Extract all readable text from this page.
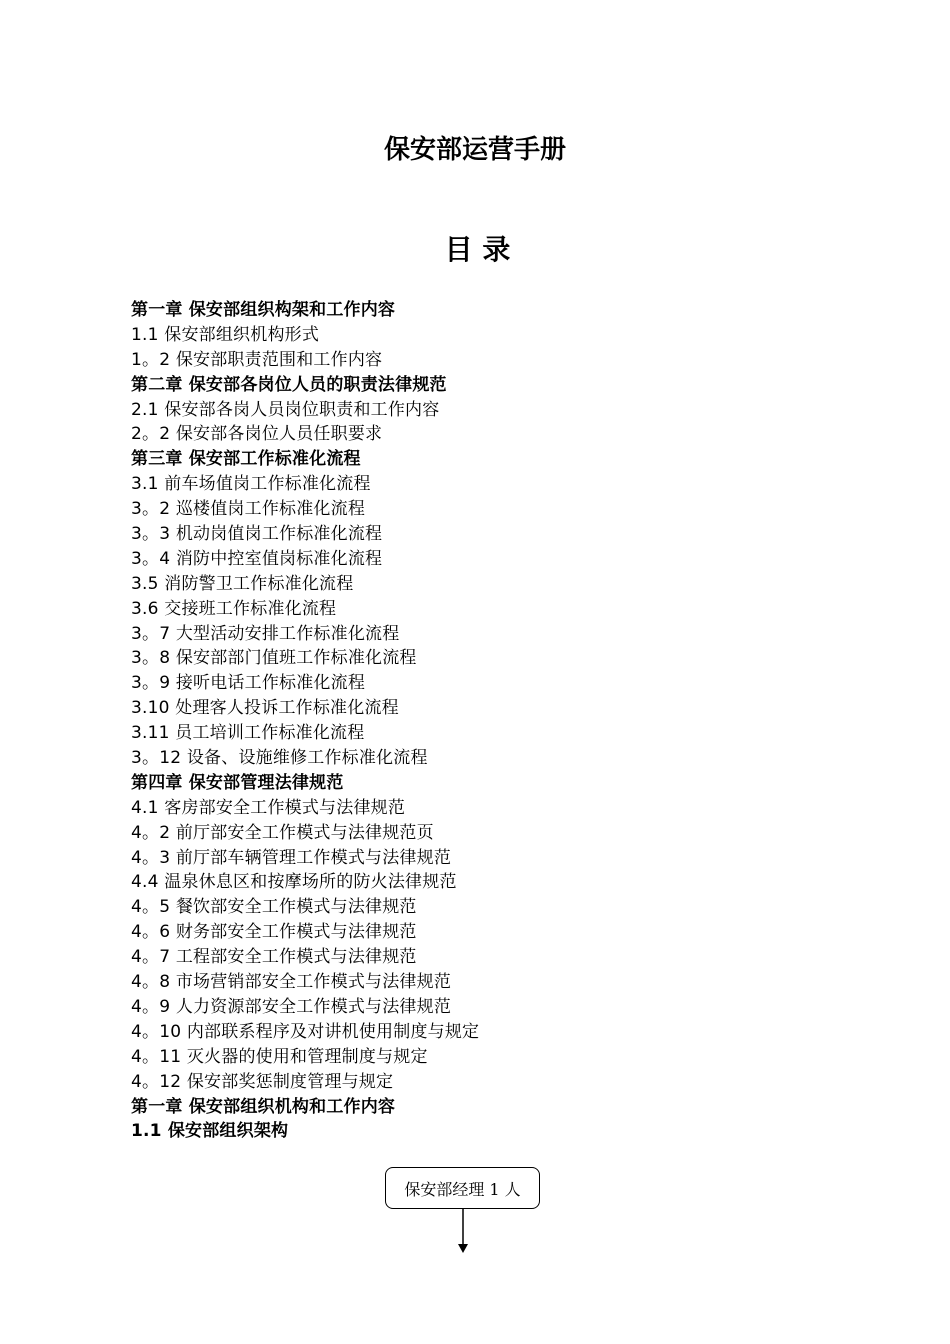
保安部运营手册
目 录
第一章 保安部组织构架和工作内容
1.1 保安部组织机构形式
1。2 保安部职责范围和工作内容
第二章 保安部各岗位人员的职责法律规范
2.1 保安部各岗人员岗位职责和工作内容
2。2 保安部各岗位人员任职要求
第三章 保安部工作标准化流程
3.1 前车场值岗工作标准化流程
3。2 巡楼值岗工作标准化流程
3。3 机动岗值岗工作标准化流程
3。4 消防中控室值岗标准化流程
3.5 消防警卫工作标准化流程
3.6 交接班工作标准化流程
3。7 大型活动安排工作标准化流程
3。8 保安部部门值班工作标准化流程
3。9 接听电话工作标准化流程
3.10 处理客人投诉工作标准化流程
3.11 员工培训工作标准化流程
3。12 设备、设施维修工作标准化流程
第四章 保安部管理法律规范
4.1 客房部安全工作模式与法律规范
4。2 前厅部安全工作模式与法律规范页
4。3 前厅部车辆管理工作模式与法律规范
4.4 温泉休息区和按摩场所的防火法律规范
4。5 餐饮部安全工作模式与法律规范
4。6 财务部安全工作模式与法律规范
4。7 工程部安全工作模式与法律规范
4。8 市场营销部安全工作模式与法律规范
4。9 人力资源部安全工作模式与法律规范
4。10 内部联系程序及对讲机使用制度与规定
4。11 灭火器的使用和管理制度与规定
4。12 保安部奖惩制度管理与规定
第一章 保安部组织机构和工作内容
1.1 保安部组织架构
保安部经理 1 人
